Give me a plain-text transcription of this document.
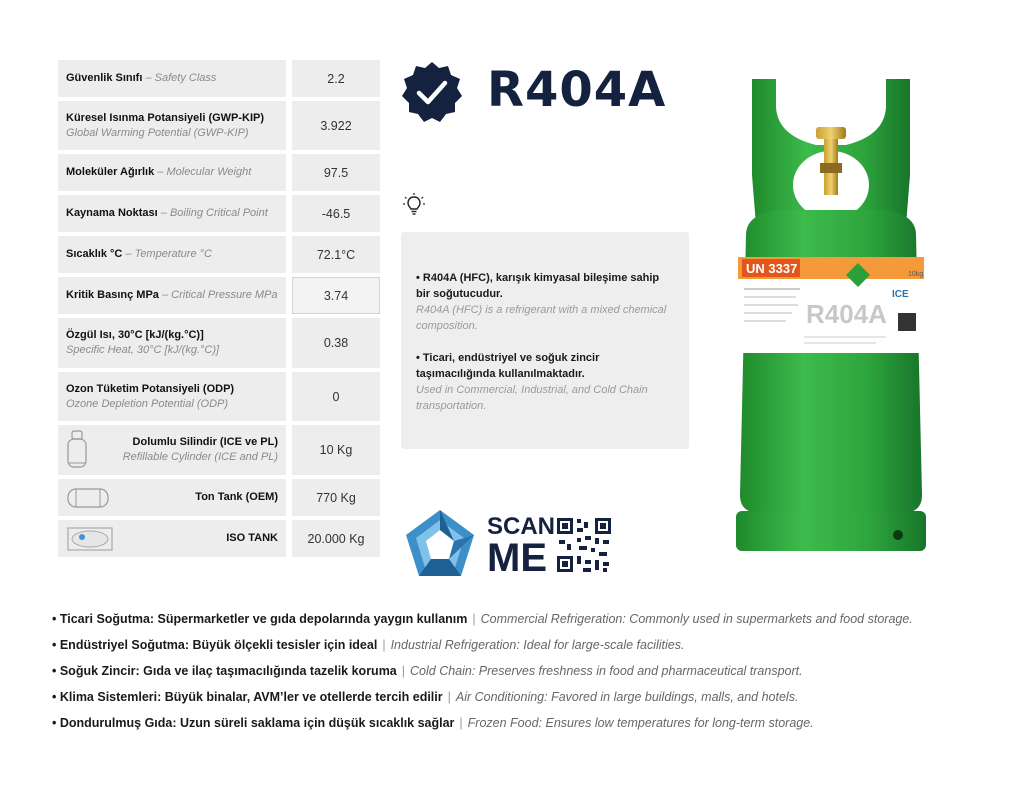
Güvenlik Sınıfı – Safety Class	2.2
Küresel Isınma Potansiyeli (GWP-KIP)
Global Warming Potential (GWP-KIP)	3.922
Moleküler Ağırlık – Molecular Weight	97.5
Kaynama Noktası – Boiling Critical Point	-46.5
Sıcaklık °C – Temperature °C	72.1°C
Kritik Basınç MPa – Critical Pressure MPa	3.74
Özgül Isı, 30°C [kJ/(kg.°C)]
Specific Heat, 30°C [kJ/(kg.°C)]	0.38
Ozon Tüketim Potansiyeli (ODP)
Ozone Depletion Potential (ODP)	0
Dolumlu Silindir (ICE ve PL)
Refillable Cylinder (ICE and PL)	10 Kg
Ton Tank (OEM)	770 Kg
ISO TANK	20.000 Kg
R404A
• R404A (HFC), karışık kimyasal bileşime sahip bir soğutucudur.
R404A (HFC) is a refrigerant with a mixed chemical composition.
• Ticari, endüstriyel ve soğuk zincir taşımacılığında kullanılmaktadır.
Used in Commercial, Industrial, and Cold Chain transportation.
SCAN
ME
UN 3337	10kg
R404A
ICE
• Ticari Soğutma: Süpermarketler ve gıda depolarında yaygın kullanım | Commercial Refrigeration: Commonly used in supermarkets and food storage.
• Endüstriyel Soğutma: Büyük ölçekli tesisler için ideal | Industrial Refrigeration: Ideal for large-scale facilities.
• Soğuk Zincir: Gıda ve ilaç taşımacılığında tazelik koruma | Cold Chain: Preserves freshness in food and pharmaceutical transport.
• Klima Sistemleri: Büyük binalar, AVM’ler ve otellerde tercih edilir | Air Conditioning: Favored in large buildings, malls, and hotels.
• Dondurulmuş Gıda: Uzun süreli saklama için düşük sıcaklık sağlar | Frozen Food: Ensures low temperatures for long-term storage.
